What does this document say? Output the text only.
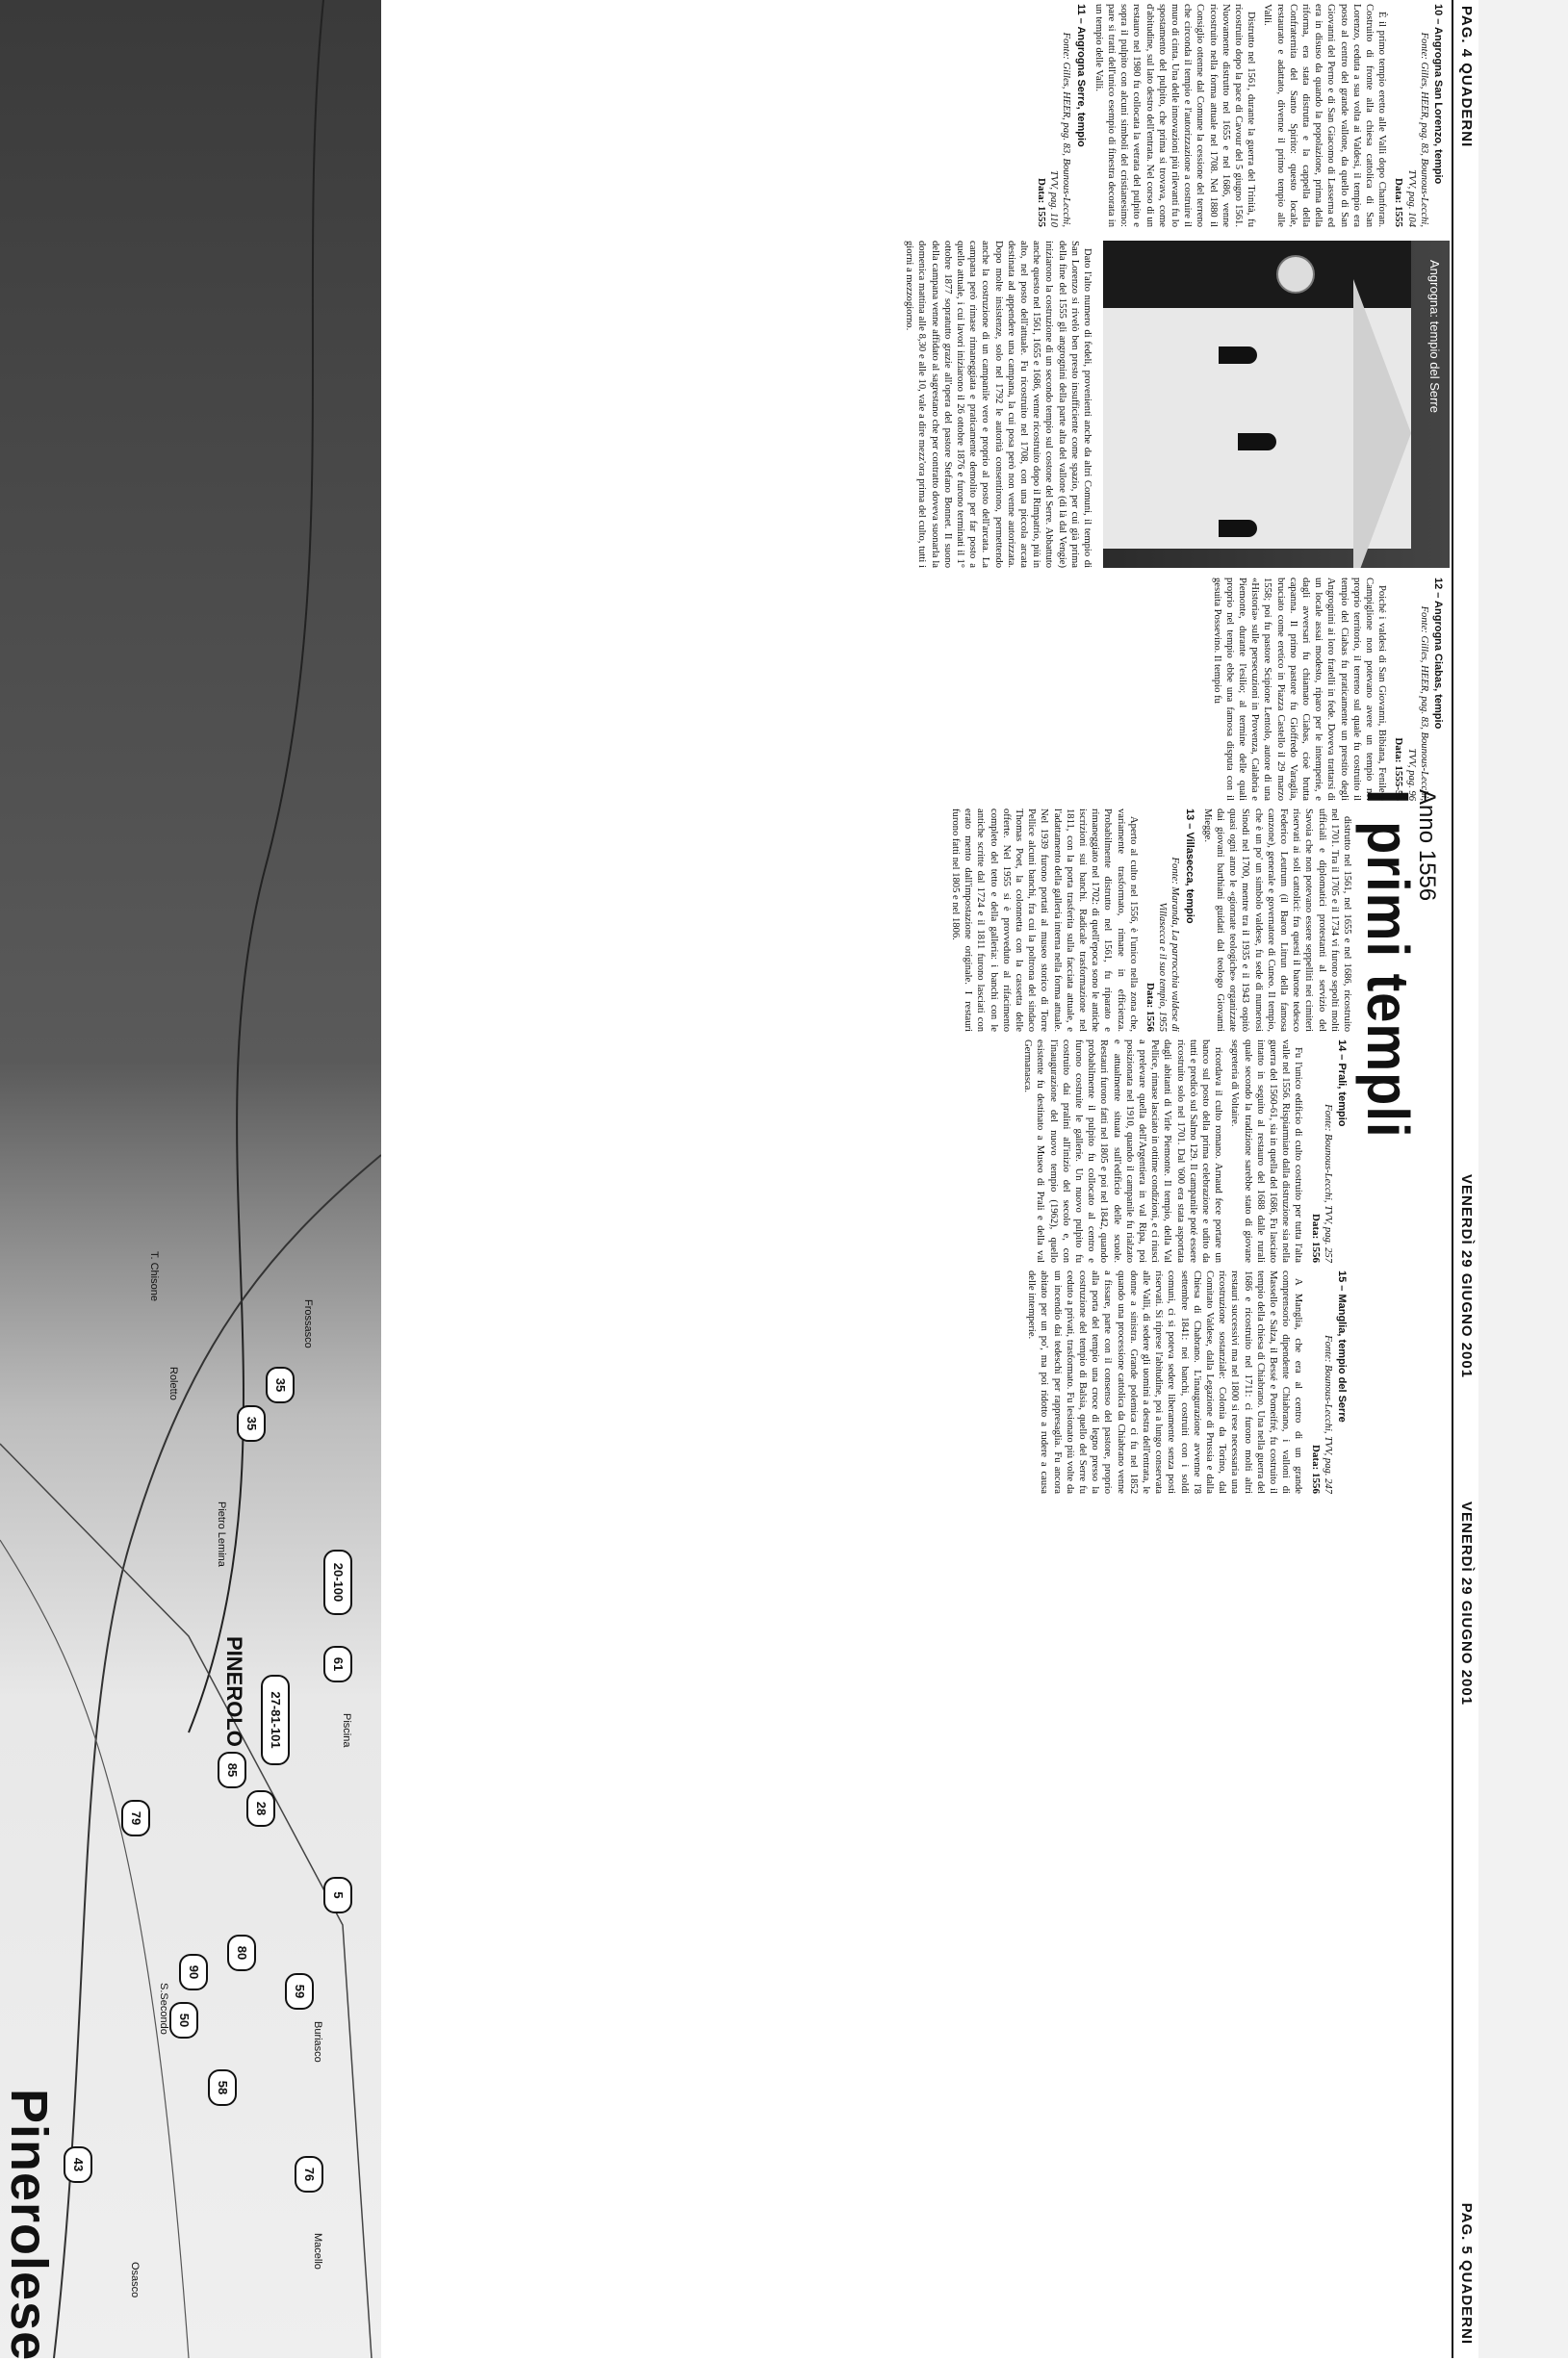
PAG. 4 QUADERNI
VENERDÌ 29 GIUGNO 2001
VENERDÌ 29 GIUGNO 2001
PAG. 5 QUADERNI
Anno 1556
I primi templi
10 – Angrogna San Lorenzo, tempio

Fonte: Gilles, HEER, pag. 83, Bounous-Lecchi, TVV, pag. 104

Data: 1555

È il primo tempio eretto alle Valli dopo Chanforan. Costruito di fronte alla chiesa cattolica di San Lorenzo, ceduta a sua volta ai Valdesi, il tempio era posto al centro del grande vallone, da quello di San Giovanni del Perno e di San Giacomo di Lasserna ed era in disuso da quando la popolazione, prima della riforma, era stata distrutta e la cappella della Confraternita del Santo Spirito: questo locale, restaurato e adattato, divenne il primo tempio alle Valli.

Distrutto nel 1561, durante la guerra del Trinità, fu ricostruito dopo la pace di Cavour del 5 giugno 1561. Nuovamente distrutto nel 1655 e nel 1686, venne ricostruito nella forma attuale nel 1708. Nel 1880 il Consiglio ottenne dal Comune la cessione del terreno che circonda il tempio e l'autorizzazione a costruire il muro di cinta. Una delle innovazioni più rilevanti fu lo spostamento del pulpito, che prima si trovava, come d'abitudine, sul lato destro dell'entrata. Nel corso di un restauro nel 1980 fu collocata la vetrata del pulpito e sopra il pulpito con alcuni simboli del cristianesimo: pare si tratti dell'unico esempio di finestra decorata in un tempio delle Valli.

11 – Angrogna Serre, tempio

Fonte: Gilles, HEER, pag. 83, Bounous-Lecchi, TVV, pag. 110

Data: 1555

Angrogna: tempio del Serre

Dato l'alto numero di fedeli, provenienti anche da altri Comuni, il tempio di San Lorenzo si rivelò ben presto insufficiente come spazio, per cui già prima della fine del 1555 gli angrognini della parte alta del vallone (di là dal Vengie) iniziarono la costruzione di un secondo tempio sul costone del Serre. Abbattuto anche questo nel 1561, 1655 e 1686, venne ricostruito dopo il Rimpatrio, più in alto, nel posto dell'attuale. Fu ricostruito nel 1708, con una piccola arcata destinata ad appendere una campana, la cui posa però non venne autorizzata. Dopo molte insistenze, solo nel 1792 le autorità consentirono, permettendo anche la costruzione di un campanile vero e proprio al posto dell'arcata. La campana però rimase rimaneggiata e praticamente demolito per far posto a quello attuale, i cui lavori iniziarono il 26 ottobre 1876 e furono terminati il 1° ottobre 1877 sopratutto grazie all'opera del pastore Stefano Bonnet. Il suono della campana venne affidato al sagrestano che per contratto doveva suonarla la domenica mattina alle 8,30 e alle 10, vale a dire mezz'ora prima del culto, tutti i giorni a mezzogiorno.

12 – Angrogna Ciabas, tempio

Fonte: Gilles, HEER, pag. 83, Bounous-Lecchi, TVV, pag. 96

Data: 1555-56

Poiché i valdesi di San Giovanni, Bibiana, Fenile e Campiglione non potevano avere un tempio nel proprio territorio, il terreno sul quale fu costruito il tempio del Ciabas fu praticamente un prestito degli Angrognini ai loro fratelli in fede. Doveva trattarsi di un locale assai modesto, riparo per le intemperie, e dagli avversari fu chiamato Ciabas, cioè brutta capanna. Il primo pastore fu Gioffredo Varaglia, bruciato come eretico in Piazza Castello il 29 marzo 1558; poi fu pastore Scipione Lentolo, autore di una «Historia» sulle persecuzioni in Provenza, Calabria e Piemonte, durante l'esilio; al termine delle quali proprio nel tempio ebbe una famosa disputa con il gesuita Possevino. Il tempio fu

distrutto nel 1561, nel 1655 e nel 1686, ricostruito nel 1701. Tra il 1705 e il 1734 vi furono sepolti molti ufficiali e diplomatici protestanti al servizio del Savoia che non potevano essere seppelliti nei cimiteri riservati ai soli cattolici: fra questi il barone tedesco Federico Leutrum (il Baron Litrun della famosa canzone), generale e governatore di Cuneo. Il tempio, che è un po' un simbolo valdese, fu sede di numerosi Sinodi nel 1700, mentre tra il 1935 e il 1943 ospitò quasi ogni anno le «giornate teologiche» organizzate dai giovani barthiani guidati dal teologo Giovanni Miegge.

13 – Villasecca, tempio

Fonte: Maranda, La parrocchia valdese di Villasecca e il suo tempio, 1955

Data: 1556

Aperto al culto nel 1556, è l'unico nella zona che, variamente trasformato, rimane in efficienza. Probabilmente distrutto nel 1561, fu riparato e rimaneggiato nel 1702: di quell'epoca sono le antiche iscrizioni sui banchi. Radicale trasformazione nel 1811, con la porta trasferita sulla facciata attuale, e l'adattamento della galleria interna nella forma attuale. Nel 1939 furono portati al museo storico di Torre Pellice alcuni banchi, fra cui la poltrona del sindaco Thomas Poet, la colonnetta con la cassetta delle offerte. Nel 1955 si è provveduto al rifacimento completo del tetto e della galleria: i banchi con le antiche scritte dal 1724 e il 1811 furono lasciati con erato mento dall'impostazione originale. I restauri furono fatti nel 1805 e nel 1806.

14 – Prali, tempio

Fonte: Bounous-Lecchi, TVV, pag. 257

Data: 1556

Fu l'unico edificio di culto costruito per tutta l'alta valle nel 1556. Rispiarmiato dalla distruzione sia nella guerra del 1560-61, sia in quella del 1686, Fu lasciato intatto in seguito al restauro del 1688 dalle rurali quale secondo la tradizione sarebbe stato di giovane segreteria di Voltaire.

ricordava il culto romano. Arnaud fece portare un banco sul posto della prima celebrazione e udito da tutti e predicò sul Salmo 129. Il campanile poté essere ricostruito solo nel 1701. Dal '600 era stata asportata dagli abitanti di Virle Piemonte. Il tempio, della Val Pellice, rimase lasciato in ottime condizioni, e ci riuscì a prelevare quella dell'Argentiera in val Ripa, poi posizionata nel 1910, quando il campanile fu rialzato e attualmente situata sull'edificio delle scuole. Restauri furono fatti nel 1805 e poi nel 1842, quando probabilmente il pulpito fu collocato al centro e furono costruite le gallerie. Un nuovo pulpito fu costruito dai pralini all'inizio del secolo e, con l'inaugurazione del nuovo tempio (1962), quello esistente fu destinato a Museo di Prali e della val Germanasca.

15 – Manglia, tempio del Serre

Fonte: Bounous-Lecchi, TVV, pag. 247

Data: 1556

A Manglia, che era al centro di un grande comprensorio dipendente Chiabrano, i valloni di Massello e Salza, il Bessé e Pomeifré, fu costruito il tempio della chiesa di Chiabrano. Una nella guerra del 1686 e ricostruito nel 1711: ci furono molti altri restauri successivi ma nel 1800 si rese necessaria una ricostruzione sostanziale: Colonia da Torino, dal Comitato Valdese, dalla Legazione di Prussia e dalla Chiesa di Chabrano. L'inaugurazione avvenne l'8 settembre 1841: nei banchi, costruiti con i soldi comuni, ci si poteva sedere liberamente senza posti riservati. Si riprese l'abitudine, poi a lungo conservata alle Valli, di sedere gli uomini a destra dell'entrata, le donne a sinistra. Grande polemica ci fu nel 1852 quando una processione cattolica da Chiabrano venne a fissare, parte con il consenso del pastore, proprio alla porta del tempio una croce di legno presso la costruzione del tempio di Balsia, quello del Serre fu ceduto a privati, trasformato. Fu lesionato più volte da un incendio dai tedeschi per rappresaglia. Fu ancora abitato per un po', ma poi ridotto a rudere a causa delle intemperie.

PINEROLO	Piscina
Frossasco
Buriasco
Macello
S.Secondo
Pietro Lemina
Roletto
Osasco
T. Chisone
35
35
20-100
27-81-101
61
85
28
5
80
59
90
50
79
58
76
43
Pinerolese
